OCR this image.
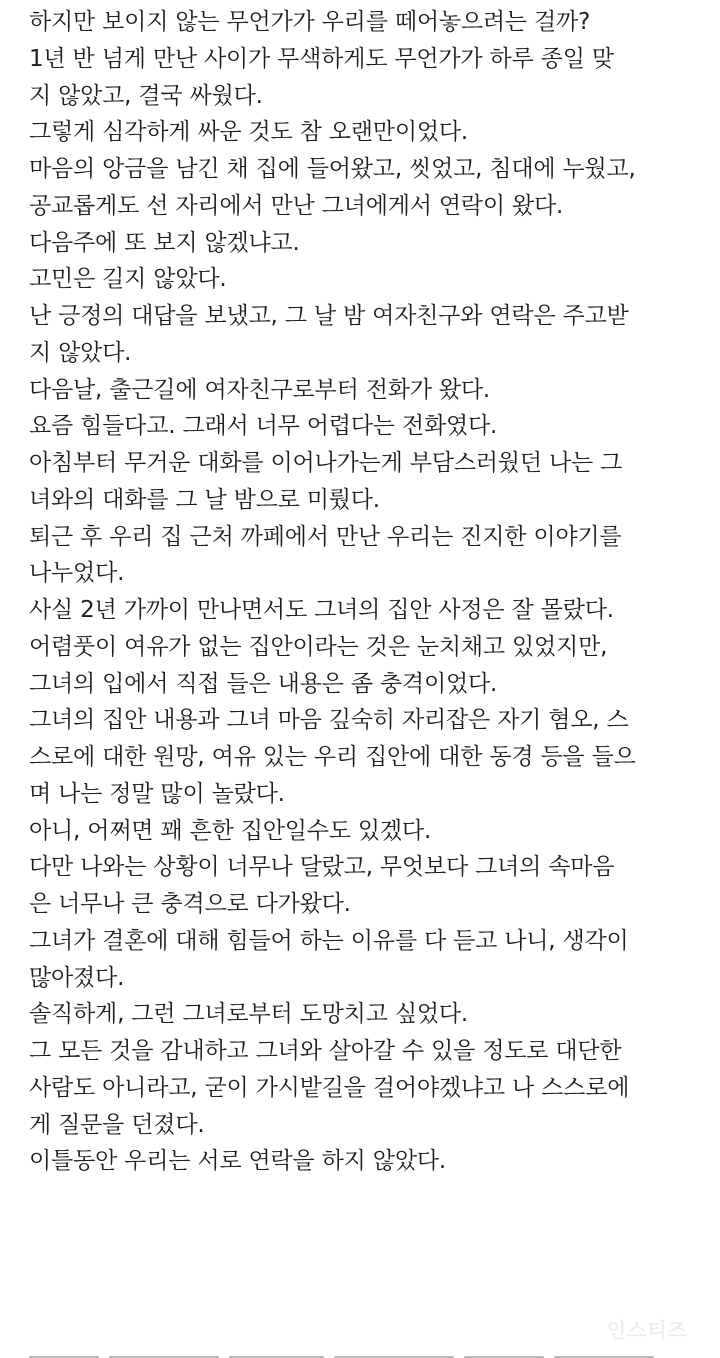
하지만 보이지 않는 무언가가 우리를 떼어놓으려는 걸까?
1년 반 넘게 만난 사이가 무색하게도 무언가가 하루 종일 맞
지 않았고, 결국 싸웠다.
그렇게 심각하게 싸운 것도 참 오랜만이었다.
마음의 앙금을 남긴 채 집에 들어왔고, 씻었고, 침대에 누웠고,
공교롭게도 선 자리에서 만난 그녀에게서 연락이 왔다.
다음주에 또 보지 않겠냐고.
고민은 길지 않았다.
난 긍정의 대답을 보냈고, 그 날 밤 여자친구와 연락은 주고받
지 않았다.
다음날, 출근길에 여자친구로부터 전화가 왔다.
요즘 힘들다고. 그래서 너무 어렵다는 전화였다.
아침부터 무거운 대화를 이어나가는게 부담스러웠던 나는 그
녀와의 대화를 그 날 밤으로 미뤘다.
퇴근 후 우리 집 근처 까페에서 만난 우리는 진지한 이야기를
나누었다.
사실 2년 가까이 만나면서도 그녀의 집안 사정은 잘 몰랐다.
어렴풋이 여유가 없는 집안이라는 것은 눈치채고 있었지만,
그녀의 입에서 직접 들은 내용은 좀 충격이었다.
그녀의 집안 내용과 그녀 마음 깊숙히 자리잡은 자기 혐오, 스
스로에 대한 원망, 여유 있는 우리 집안에 대한 동경 등을 들으
며 나는 정말 많이 놀랐다.
아니, 어쩌면 꽤 흔한 집안일수도 있겠다.
다만 나와는 상황이 너무나 달랐고, 무엇보다 그녀의 속마음
은 너무나 큰 충격으로 다가왔다.
그녀가 결혼에 대해 힘들어 하는 이유를 다 듣고 나니, 생각이
많아졌다.
솔직하게, 그런 그녀로부터 도망치고 싶었다.
그 모든 것을 감내하고 그녀와 살아갈 수 있을 정도로 대단한
사람도 아니라고, 굳이 가시밭길을 걸어야겠냐고 나 스스로에
게 질문을 던졌다.
이틀동안 우리는 서로 연락을 하지 않았다.
인스티즈
